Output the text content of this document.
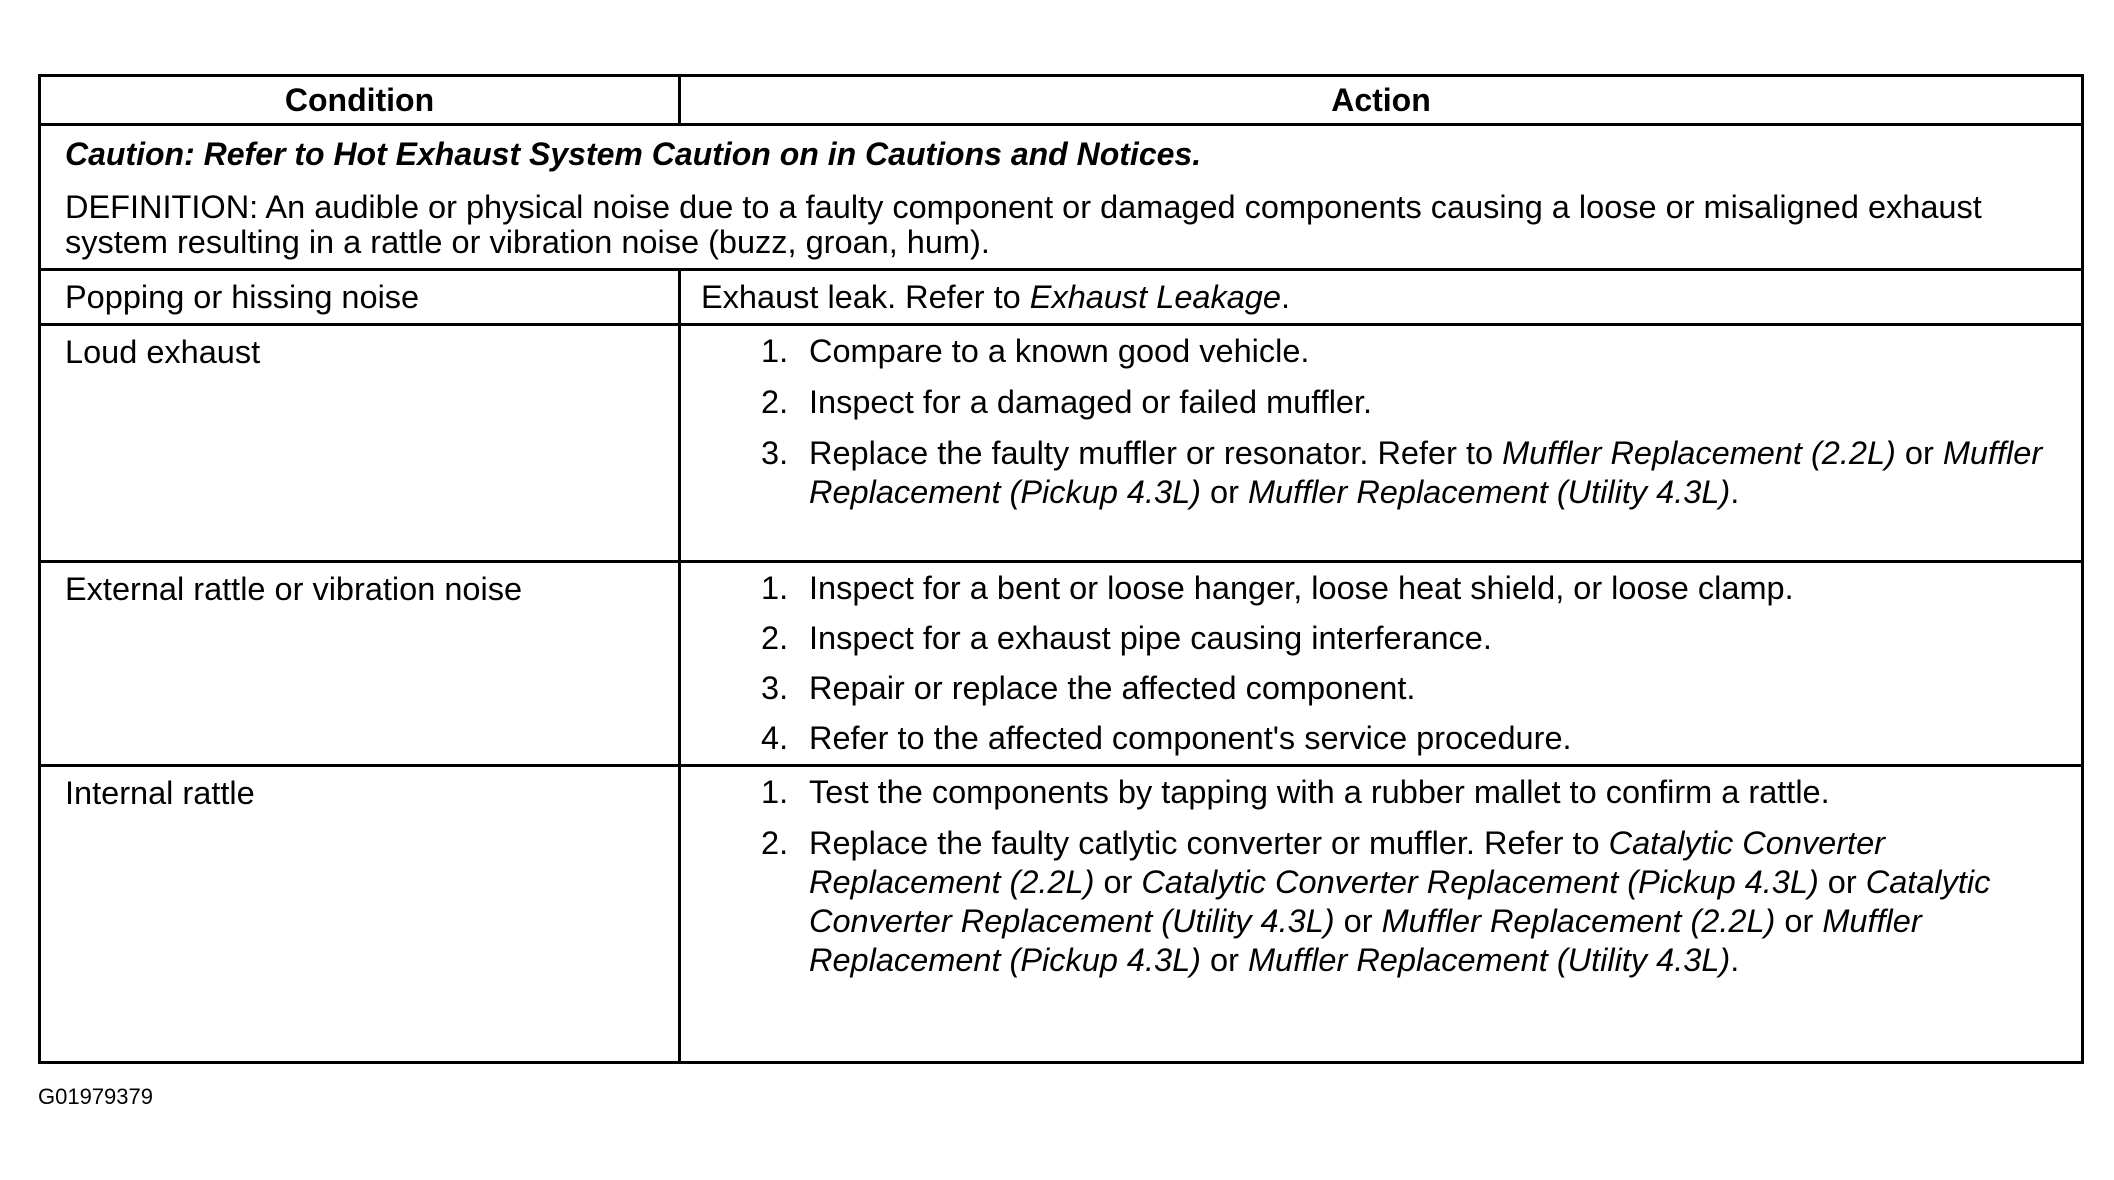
Condition	Action
Caution: Refer to Hot Exhaust System Caution on in Cautions and Notices.
DEFINITION: An audible or physical noise due to a faulty component or damaged components causing a loose or misaligned exhaust system resulting in a rattle or vibration noise (buzz, groan, hum).
Popping or hissing noise	Exhaust leak. Refer to Exhaust Leakage.
Loud exhaust	1. Compare to a known good vehicle.
2. Inspect for a damaged or failed muffler.
3. Replace the faulty muffler or resonator. Refer to Muffler Replacement (2.2L) or Muffler Replacement (Pickup 4.3L) or Muffler Replacement (Utility 4.3L).
External rattle or vibration noise	1. Inspect for a bent or loose hanger, loose heat shield, or loose clamp.
2. Inspect for a exhaust pipe causing interferance.
3. Repair or replace the affected component.
4. Refer to the affected component's service procedure.
Internal rattle	1. Test the components by tapping with a rubber mallet to confirm a rattle.
2. Replace the faulty catlytic converter or muffler. Refer to Catalytic Converter Replacement (2.2L) or Catalytic Converter Replacement (Pickup 4.3L) or Catalytic Converter Replacement (Utility 4.3L) or Muffler Replacement (2.2L) or Muffler Replacement (Pickup 4.3L) or Muffler Replacement (Utility 4.3L).
G01979379
